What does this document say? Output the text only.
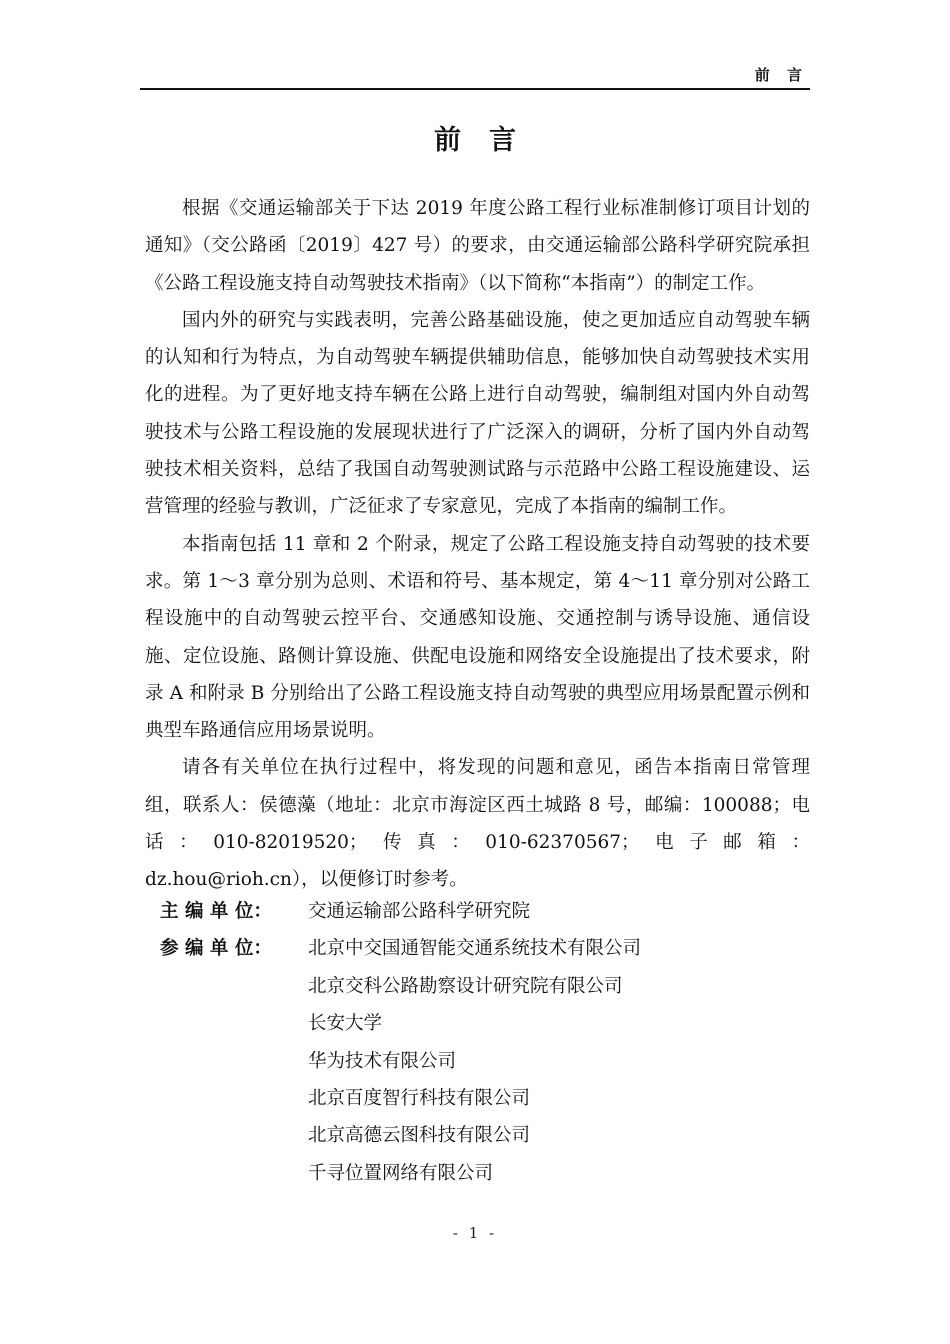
前 言
前言

根据《交通运输部关于下达 2019 年度公路工程行业标准制修订项目计划的通知》（交公路函〔2019〕427 号）的要求，由交通运输部公路科学研究院承担《公路工程设施支持自动驾驶技术指南》（以下简称“本指南”）的制定工作。

国内外的研究与实践表明，完善公路基础设施，使之更加适应自动驾驶车辆的认知和行为特点，为自动驾驶车辆提供辅助信息，能够加快自动驾驶技术实用化的进程。为了更好地支持车辆在公路上进行自动驾驶，编制组对国内外自动驾驶技术与公路工程设施的发展现状进行了广泛深入的调研，分析了国内外自动驾驶技术相关资料，总结了我国自动驾驶测试路与示范路中公路工程设施建设、运营管理的经验与教训，广泛征求了专家意见，完成了本指南的编制工作。

本指南包括 11 章和 2 个附录，规定了公路工程设施支持自动驾驶的技术要求。第 1～3 章分别为总则、术语和符号、基本规定，第 4～11 章分别对公路工程设施中的自动驾驶云控平台、交通感知设施、交通控制与诱导设施、通信设施、定位设施、路侧计算设施、供配电设施和网络安全设施提出了技术要求，附录 A 和附录 B 分别给出了公路工程设施支持自动驾驶的典型应用场景配置示例和典型车路通信应用场景说明。

请各有关单位在执行过程中，将发现的问题和意见，函告本指南日常管理组，联系人：侯德藻（地址：北京市海淀区西土城路 8 号，邮编：100088；电话：010-82019520；传真：010-62370567；电子邮箱：dz.hou@rioh.cn），以便修订时参考。

主 编 单 位：	交通运输部公路科学研究院
参 编 单 位：	北京中交国通智能交通系统技术有限公司
北京交科公路勘察设计研究院有限公司
长安大学
华为技术有限公司
北京百度智行科技有限公司
北京高德云图科技有限公司
千寻位置网络有限公司
- 1 -
